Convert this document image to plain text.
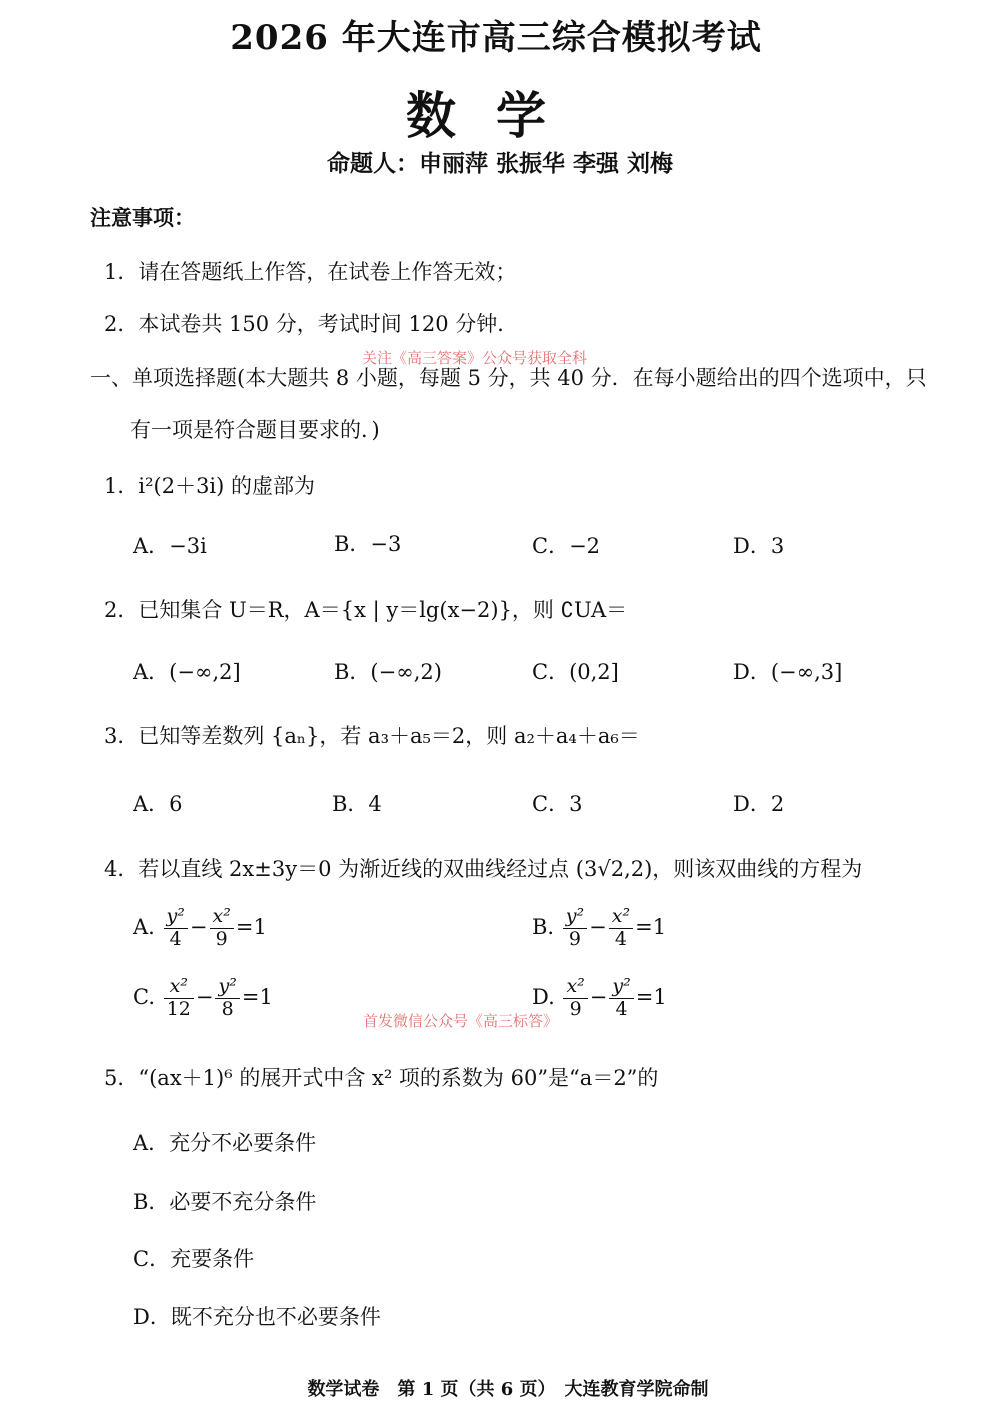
2026 年大连市高三综合模拟考试
数学
命题人：申丽萍 张振华 李强 刘梅
注意事项：
1．请在答题纸上作答，在试卷上作答无效；
2．本试卷共 150 分，考试时间 120 分钟．
关注《高三答案》公众号获取全科
一、单项选择题(本大题共 8 小题，每题 5 分，共 40 分．在每小题给出的四个选项中，只
有一项是符合题目要求的．)
1．i²(2＋3i) 的虚部为
A．−3i	B．−3	C．−2	D．3
2．已知集合 U＝R，A＝{x | y＝lg(x−2)}，则 ∁UA＝
A．(−∞,2]	B．(−∞,2)	C．(0,2]	D．(−∞,3]
3．已知等差数列 {aₙ}，若 a₃＋a₅＝2，则 a₂＋a₄＋a₆＝
A．6	B．4	C．3	D．2
4．若以直线 2x±3y＝0 为渐近线的双曲线经过点 (3√2,2)，则该双曲线的方程为
A. $\frac{\text{y²}}{4} - \frac{\text{x²}}{9} =1$	B. $\frac{\text{y²}}{9} - \frac{\text{x²}}{4} =1$
C. $\frac{\text{x²}}{12} - \frac{\text{y²}}{8} =1$	D. $\frac{\text{x²}}{9} - \frac{\text{y²}}{4} =1$
首发微信公众号《高三标答》
5．“(ax＋1)⁶ 的展开式中含 x² 项的系数为 60”是“a＝2”的
A．充分不必要条件
B．必要不充分条件
C．充要条件
D．既不充分也不必要条件
数学试卷　第 1 页（共 6 页）　大连教育学院命制
